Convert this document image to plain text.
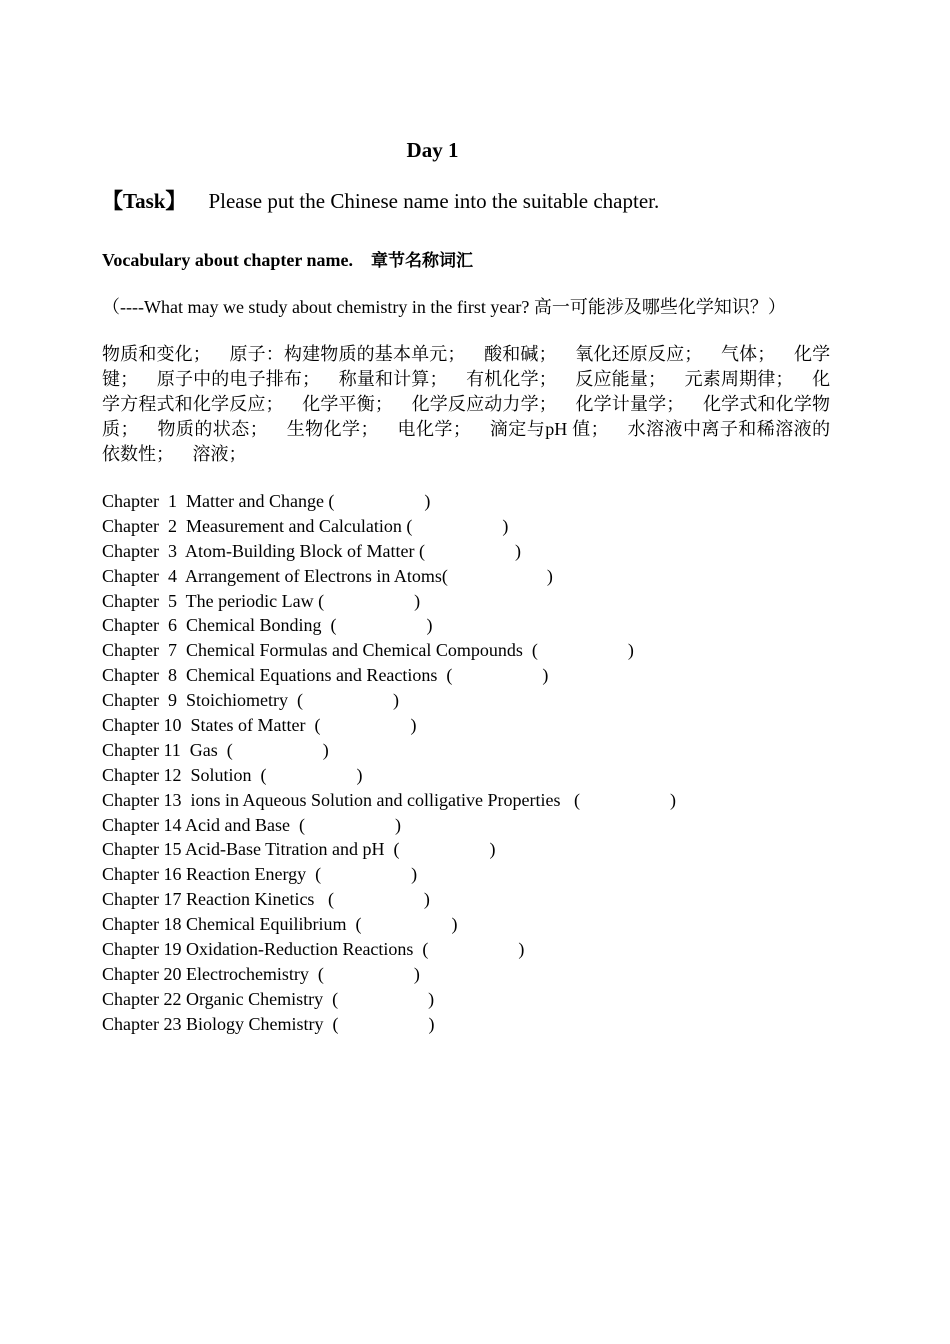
Day 1
【Task】 Please put the Chinese name into the suitable chapter.
Vocabulary about chapter name. 章节名称词汇
（----What may we study about chemistry in the first year? 高一可能涉及哪些化学知识？）
物质和变化； 原子：构建物质的基本单元； 酸和碱； 氧化还原反应； 气体； 化学键； 原子中的电子排布； 称量和计算； 有机化学； 反应能量； 元素周期律； 化学方程式和化学反应； 化学平衡； 化学反应动力学； 化学计量学； 化学式和化学物质； 物质的状态； 生物化学； 电化学； 滴定与pH 值； 水溶液中离子和稀溶液的依数性； 溶液；
Chapter  1  Matter and Change (                    )
Chapter  2  Measurement and Calculation (                    )
Chapter  3  Atom-Building Block of Matter (                    )
Chapter  4  Arrangement of Electrons in Atoms(                      )
Chapter  5  The periodic Law (                    )
Chapter  6  Chemical Bonding  (                    )
Chapter  7  Chemical Formulas and Chemical Compounds  (                    )
Chapter  8  Chemical Equations and Reactions  (                    )
Chapter  9  Stoichiometry  (                    )
Chapter 10  States of Matter  (                    )
Chapter 11  Gas  (                    )
Chapter 12  Solution  (                    )
Chapter 13  ions in Aqueous Solution and colligative Properties   (                    )
Chapter 14 Acid and Base  (                    )
Chapter 15 Acid-Base Titration and pH  (                    )
Chapter 16 Reaction Energy  (                    )
Chapter 17 Reaction Kinetics   (                    )
Chapter 18 Chemical Equilibrium  (                    )
Chapter 19 Oxidation-Reduction Reactions  (                    )
Chapter 20 Electrochemistry  (                    )
Chapter 22 Organic Chemistry  (                    )
Chapter 23 Biology Chemistry  (                    )
